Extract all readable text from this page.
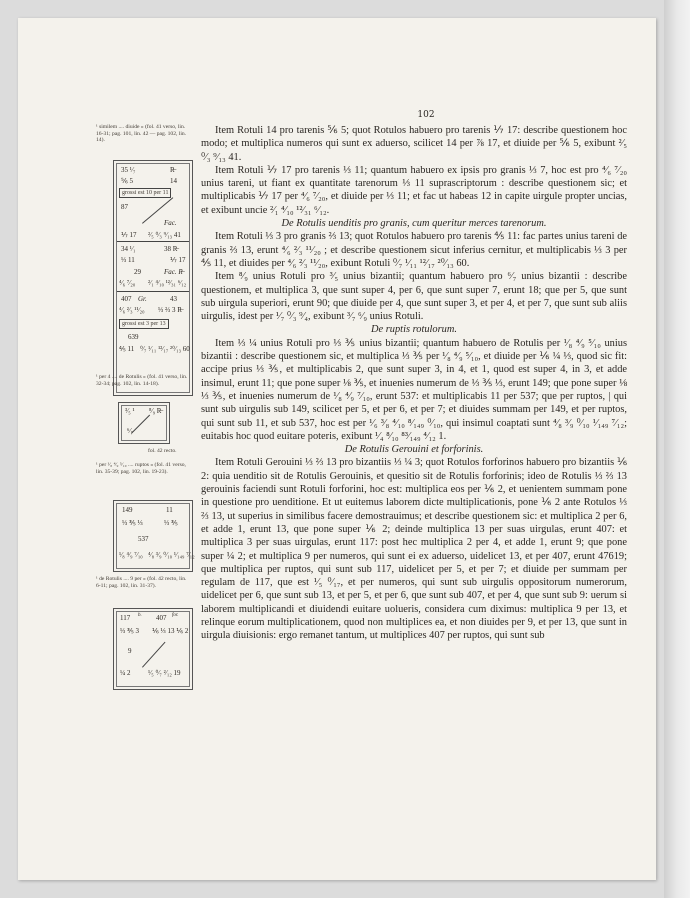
102

Item Rotuli 14 pro tarenis ⅚ 5; quot Rotulos habuero pro tarenis ⅐ 17: describe questionem hoc modo; et multiplica numeros qui sunt ex aduerso, scilicet 14 per ⅞ 17, et diuide per ⅚ 5, exibunt ²⁄₅ ⁰⁄₃ ⁹⁄₁₃ 41.

Item Rotuli ⅐ 17 pro tarenis ⅓ 11; quantum habuero ex ipsis pro granis ⅓ 7, hoc est pro ⁴⁄₆ ⁷⁄₂₀ unius tareni, ut fiant ex quantitate tarenorum ⅓ 11 suprascriptorum : describe questionem sic; et multiplicabis ⅐ 17 per ⁴⁄₆ ⁷⁄₂₀, et diuide per ⅓ 11; et fac ut habeas 12 in capite uirgule propter uncias, et exibunt uncie ²⁄₁ ⁴⁄₁₀ ¹²⁄₃₁ ⁶⁄₁₂.

De Rotulis uenditis pro granis, cum queritur merces tarenorum.

Item Rotuli ⅓ 3 pro granis ⅔ 13; quot Rotulos habuero pro tarenis ⅘ 11: fac partes unius tareni de granis ⅔ 13, erunt ⁴⁄₆ ²⁄₃ ¹¹⁄₂₀ ; et describe questionem sicut inferius cernitur, et multiplicabis ⅓ 3 per ⅘ 11, et diuides per ⁴⁄₆ ²⁄₃ ¹¹⁄₂₀, exibunt Rotuli ⁰⁄₇ ¹⁄₁₁ ¹²⁄₁₇ ²⁰⁄₁₃ 60.

Item ⁸⁄₉ unius Rotuli pro ³⁄₅ unius bizantii; quantum habuero pro ⁶⁄₇ unius bizantii : describe questionem, et multiplica 3, que sunt super 4, per 6, que sunt super 7, erunt 18; que per 5, que sunt sub uirgula superiori, erunt 90; que diuide per 4, que sunt super 3, et per 4, et per 7, que sunt sub aliis uirgulis, idest per ¹⁄₇ ⁰⁄₃ ⁹⁄₄, exibunt ³⁄₇ ⁶⁄₉ unius Rotuli.

De ruptis rotulorum.

Item ⅓ ¼ unius Rotuli pro ⅓ ⅗ unius bizantii; quantum habuero de Rotulis per ¹⁄₈ ⁴⁄₉ ⁵⁄₁₀ unius bizantii : describe questionem sic, et multiplica ⅓ ⅗ per ¹⁄₈ ⁴⁄₉ ⁵⁄₁₀, et diuide per ⅙ ¼ ⅓, quod sic fit: accipe prius ⅓ ⅗, et multiplicabis 2, que sunt super 3, in 4, et 1, quod est super 4, in 3, et adde insimul, erunt 11; que pone super ⅛ ⅗, et inuenies numerum de ⅓ ⅗ ⅓, erunt 149; que pone super ⅛ ⅓ ⅗, et inuenies numerum de ¹⁄₈ ⁴⁄₉ ⁷⁄₁₀, erunt 537: et multiplicabis 11 per 537; que per ruptos, | qui sunt sub uirgulis sub 149, scilicet per 5, et per 6, et per 7; et diuides summam per 149, et per ruptos, qui sunt sub 11, et sub 537, hoc est per ¹⁄₆ ³⁄₈ ⁴⁄₁₀ ⁸⁄₁₄₉ ⁰⁄₁₀, qui insimul coaptati sunt ⁴⁄₈ ³⁄₉ ⁰⁄₁₀ ¹⁄₁₄₉ ⁷⁄₁₂; euitabis hoc quod euitare poteris, exibunt ¹⁄₄ ⁸⁄₁₀ ⁸³⁄₁₄₉ ⁴⁄₁₂ 1.

De Rotulis Gerouini et forforinis.

Item Rotuli Gerouini ⅓ ⅔ 13 pro bizantiis ⅓ ¼ 3; quot Rotulos forforinos habuero pro bizantiis ⅙ 2: quia uenditio sit de Rotulis Gerouinis, et quesitio sit de Rotulis forforinis; ideo de Rotulis ⅓ ⅔ 13 gerouinis faciendi sunt Rotuli forforini, hoc est: multiplica eos per ⅙ 2, et uenientem summam pone in questione pro uenditione. Et ut euitemus laborem dicte multiplicationis, pone ⅙ 2 ante Rotulos ⅓ ⅔ 13, ut superius in similibus facere demostrauimus; et describe questionem sic: et multiplica 2 per 6, et adde 1, erunt 13, que pone super ⅙ 2; deinde multiplica 13 per suas uirgulas, erunt 407: et multiplica 3 per suas uirgulas, erunt 117: post hec multiplica 2 per 4, et adde 1, erunt 9; que pone super ¼ 2; et multiplica 9 per numeros, qui sunt ei ex aduerso, uidelicet 13, et per 407, erunt 47619; que multiplica per ruptos, qui sunt sub 117, uidelicet per 5, et per 7; et diuide per summam per regulam de 117, que est ¹⁄₅ ⁰⁄₁₇, et per numeros, qui sunt sub uirgulis oppositorum numerorum, uidelicet per 6, que sunt sub 13, et per 5, et per 6, que sunt sub 407, et per 4, que sunt sub 9: uerum si laborem multiplicandi et diuidendi euitare uolueris, considera cum diximus: multiplica 9 per 13, et relinque eorum multiplicationem, quod non multiplices ea, et non diuides per 9, et per 13, que sunt in uirgula diuisionis: ergo remanet tantum, ut multiplices 407 per ruptos, qui sunt sub

¹ similem .... diuide » (fol. 41 verso, lin. 16-31; pag. 101, lin. 42 — pag. 102, lin. 14).
35 ¹⁄₇	R̶
⅚ 5	14
grossi est 10 per 11
87
Fac.
⅐ 17 ²⁄₅ ⁰⁄₃ ⁹⁄₁₃ 41
34 ¹⁄₁	38 R̶
⅓ 11	⅐ 17
29	Fac. R̶
⁴⁄₆ ⁷⁄₂₀ ²⁄₁ ⁴⁄₁₀ ¹²⁄₃₁ ⁶⁄₁₂
407 Gr.	43
⁴⁄₆ ²⁄₃ ¹¹⁄₂₀ ⅓ ⅔ 3 R̶
grossi est 3 per 13
639
⅘ 11 ⁰⁄₇ ¹⁄₁₁ ¹²⁄₁₇ ²⁰⁄₁₃ 60
¹ per 4 .... de Rotulis » (fol. 41 verso, lin. 32-34; pag. 102, lin. 14-18).
³⁄₅ ¹ ⁸⁄₉ R̶
⁶⁄₇
fol. 42 recto.
¹ per ¹⁄₈ ⁴⁄₉ ⁵⁄₁₀ .... ruptos » (fol. 41 verso, lin. 35-39; pag. 102, lin. 19-23).
149	11
⅓ ⅗ ⅓	⅓ ⅗
537
¹⁄₈ ⁴⁄₉ ⁷⁄₁₀ ⁴⁄₈ ³⁄₉ ⁰⁄₁₀ ¹⁄₁₄₉ ⁷⁄₁₂
¹ de Rotulis .... 9 per » (fol. 42 recto, lin. 6-11; pag. 102, lin. 31-37).
117 b. 407 for.
⅓ ⅗ 3 ⅙ ⅓ 13 ⅙ 2
9
¼ 2	¹⁄₅ ⁰⁄₇ ²⁄₁₂ 19
